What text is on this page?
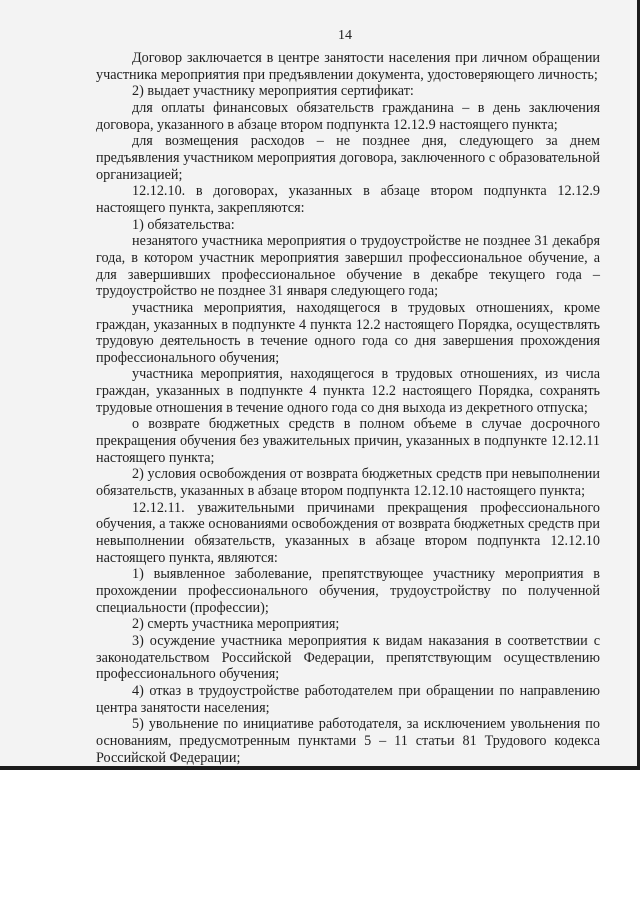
14

Договор заключается в центре занятости населения при личном обращении участника мероприятия при предъявлении документа, удостоверяющего личность;

2) выдает участнику мероприятия сертификат:

для оплаты финансовых обязательств гражданина – в день заключения договора, указанного в абзаце втором подпункта 12.12.9 настоящего пункта;

для возмещения расходов – не позднее дня, следующего за днем предъявления участником мероприятия договора, заключенного с образовательной организацией;

12.12.10. в договорах, указанных в абзаце втором подпункта 12.12.9 настоящего пункта, закрепляются:

1) обязательства:

незанятого участника мероприятия о трудоустройстве не позднее 31 декабря года, в котором участник мероприятия завершил профессиональное обучение, а для завершивших профессиональное обучение в декабре текущего года – трудоустройство не позднее 31 января следующего года;

участника мероприятия, находящегося в трудовых отношениях, кроме граждан, указанных в подпункте 4 пункта 12.2 настоящего Порядка, осуществлять трудовую деятельность в течение одного года со дня завершения прохождения профессионального обучения;

участника мероприятия, находящегося в трудовых отношениях, из числа граждан, указанных в подпункте 4 пункта 12.2 настоящего Порядка, сохранять трудовые отношения в течение одного года со дня выхода из декретного отпуска;

о возврате бюджетных средств в полном объеме в случае досрочного прекращения обучения без уважительных причин, указанных в подпункте 12.12.11 настоящего пункта;

2) условия освобождения от возврата бюджетных средств при невыполнении обязательств, указанных в абзаце втором подпункта 12.12.10 настоящего пункта;

12.12.11. уважительными причинами прекращения профессионального обучения, а также основаниями освобождения от возврата бюджетных средств при невыполнении обязательств, указанных в абзаце втором подпункта 12.12.10 настоящего пункта, являются:

1) выявленное заболевание, препятствующее участнику мероприятия в прохождении профессионального обучения, трудоустройству по полученной специальности (профессии);

2) смерть участника мероприятия;

3) осуждение участника мероприятия к видам наказания в соответствии с законодательством Российской Федерации, препятствующим осуществлению профессионального обучения;

4) отказ в трудоустройстве работодателем при обращении по направлению центра занятости населения;

5) увольнение по инициативе работодателя, за исключением увольнения по основаниям, предусмотренным пунктами 5 – 11 статьи 81 Трудового кодекса Российской Федерации;
